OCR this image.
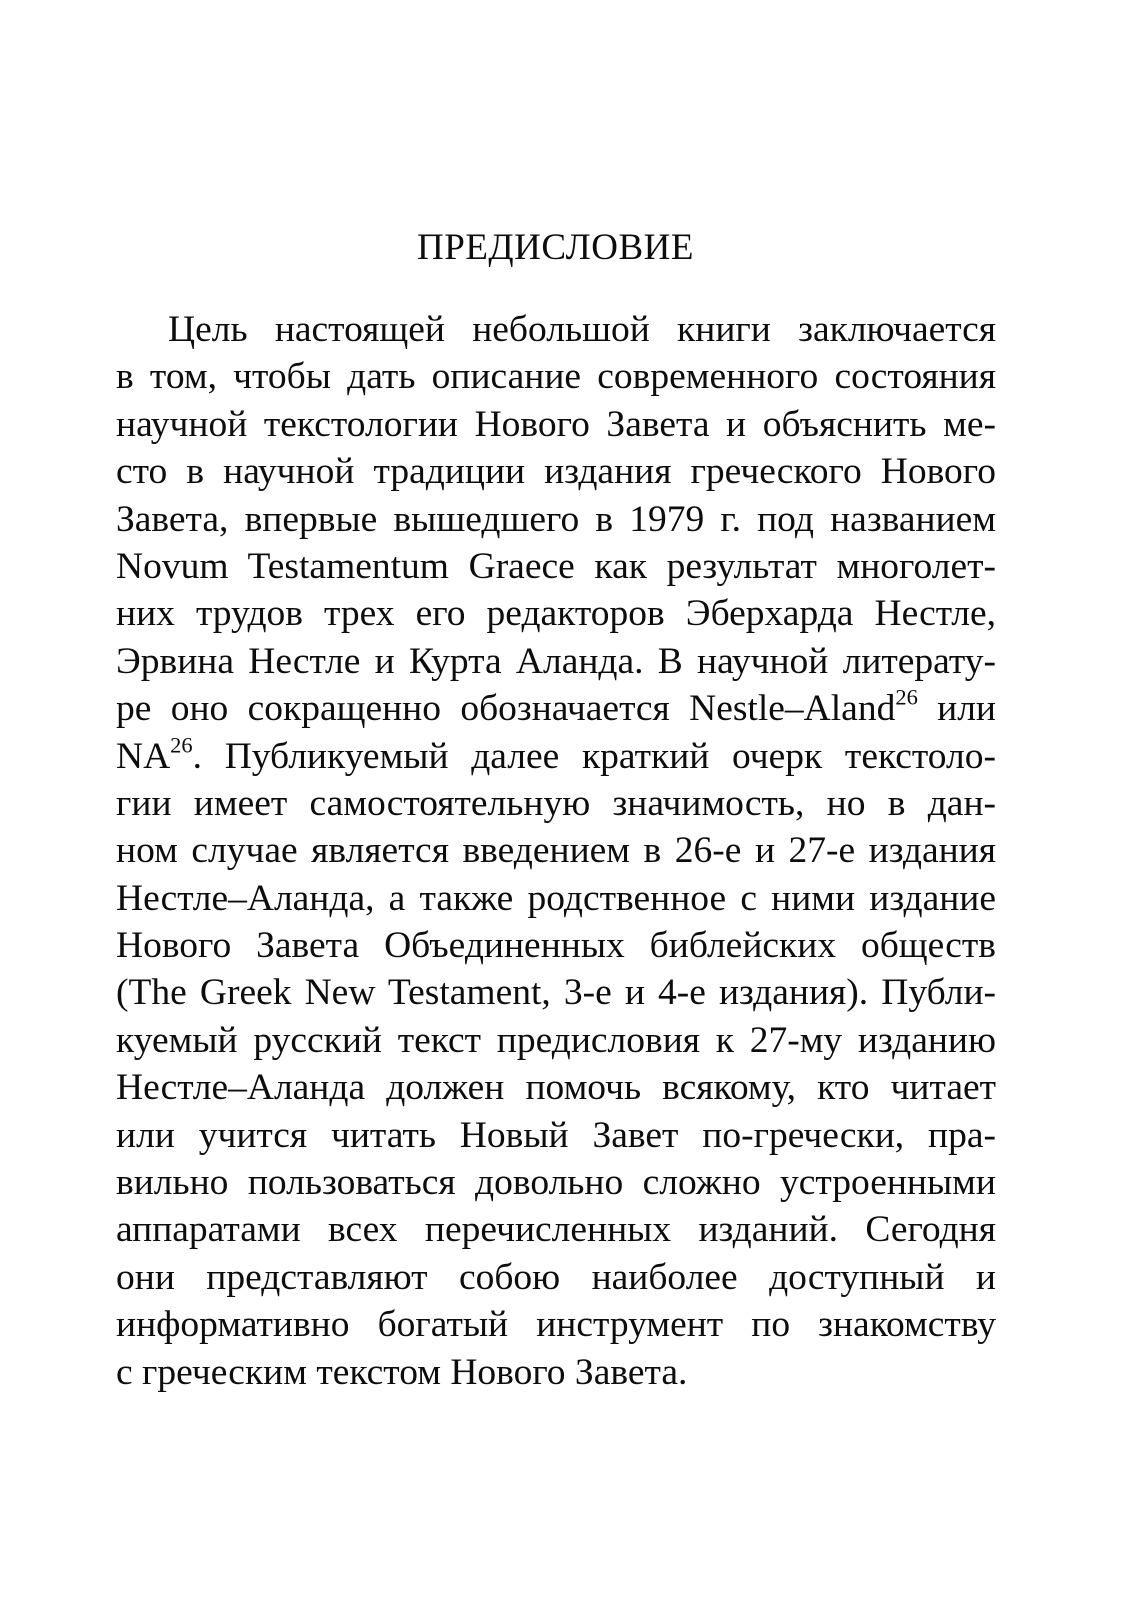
ПРЕДИСЛОВИЕ
Цель настоящей небольшой книги заключается
в том, чтобы дать описание современного состояния
научной текстологии Нового Завета и объяснить ме-
сто в научной традиции издания греческого Нового
Завета, впервые вышедшего в 1979 г. под названием
Novum Testamentum Graece как результат многолет-
них трудов трех его редакторов Эберхарда Нестле,
Эрвина Нестле и Курта Аланда. В научной литерату-
ре оно сокращенно обозначается Nestle–Aland$^{26}$ или
NA$^{26}$. Публикуемый далее краткий очерк текстоло-
гии имеет самостоятельную значимость, но в дан-
ном случае является введением в 26-е и 27-е издания
Нестле–Аланда, а также родственное с ними издание
Нового Завета Объединенных библейских обществ
(The Greek New Testament, 3-е и 4-е издания). Публи-
куемый русский текст предисловия к 27-му изданию
Нестле–Аланда должен помочь всякому, кто читает
или учится читать Новый Завет по-гречески, пра-
вильно пользоваться довольно сложно устроенными
аппаратами всех перечисленных изданий. Сегодня
они представляют собою наиболее доступный и
информативно богатый инструмент по знакомству
с греческим текстом Нового Завета.
